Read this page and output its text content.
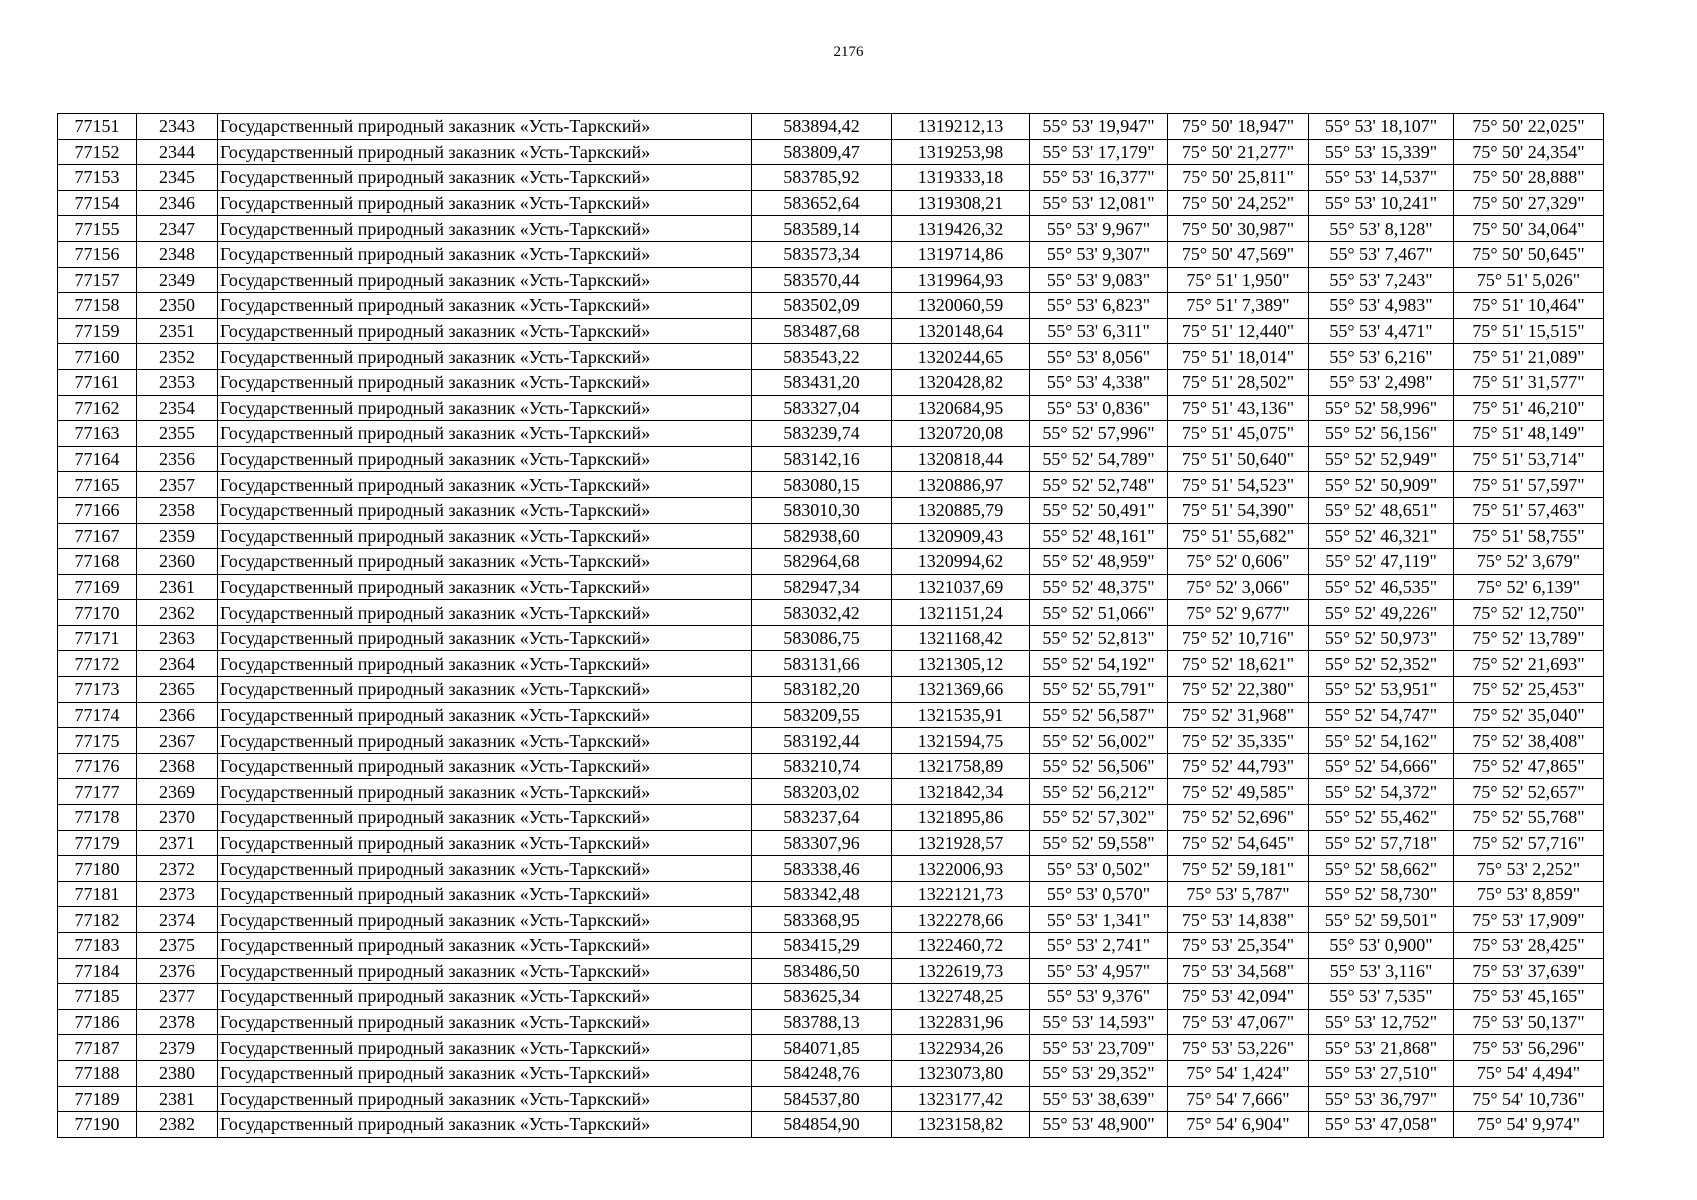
2176
77151	2343	Государственный природный заказник «Усть-Таркский»	583894,42	1319212,13	55° 53' 19,947"	75° 50' 18,947"	55° 53' 18,107"	75° 50' 22,025"
77152	2344	Государственный природный заказник «Усть-Таркский»	583809,47	1319253,98	55° 53' 17,179"	75° 50' 21,277"	55° 53' 15,339"	75° 50' 24,354"
77153	2345	Государственный природный заказник «Усть-Таркский»	583785,92	1319333,18	55° 53' 16,377"	75° 50' 25,811"	55° 53' 14,537"	75° 50' 28,888"
77154	2346	Государственный природный заказник «Усть-Таркский»	583652,64	1319308,21	55° 53' 12,081"	75° 50' 24,252"	55° 53' 10,241"	75° 50' 27,329"
77155	2347	Государственный природный заказник «Усть-Таркский»	583589,14	1319426,32	55° 53' 9,967"	75° 50' 30,987"	55° 53' 8,128"	75° 50' 34,064"
77156	2348	Государственный природный заказник «Усть-Таркский»	583573,34	1319714,86	55° 53' 9,307"	75° 50' 47,569"	55° 53' 7,467"	75° 50' 50,645"
77157	2349	Государственный природный заказник «Усть-Таркский»	583570,44	1319964,93	55° 53' 9,083"	75° 51' 1,950"	55° 53' 7,243"	75° 51' 5,026"
77158	2350	Государственный природный заказник «Усть-Таркский»	583502,09	1320060,59	55° 53' 6,823"	75° 51' 7,389"	55° 53' 4,983"	75° 51' 10,464"
77159	2351	Государственный природный заказник «Усть-Таркский»	583487,68	1320148,64	55° 53' 6,311"	75° 51' 12,440"	55° 53' 4,471"	75° 51' 15,515"
77160	2352	Государственный природный заказник «Усть-Таркский»	583543,22	1320244,65	55° 53' 8,056"	75° 51' 18,014"	55° 53' 6,216"	75° 51' 21,089"
77161	2353	Государственный природный заказник «Усть-Таркский»	583431,20	1320428,82	55° 53' 4,338"	75° 51' 28,502"	55° 53' 2,498"	75° 51' 31,577"
77162	2354	Государственный природный заказник «Усть-Таркский»	583327,04	1320684,95	55° 53' 0,836"	75° 51' 43,136"	55° 52' 58,996"	75° 51' 46,210"
77163	2355	Государственный природный заказник «Усть-Таркский»	583239,74	1320720,08	55° 52' 57,996"	75° 51' 45,075"	55° 52' 56,156"	75° 51' 48,149"
77164	2356	Государственный природный заказник «Усть-Таркский»	583142,16	1320818,44	55° 52' 54,789"	75° 51' 50,640"	55° 52' 52,949"	75° 51' 53,714"
77165	2357	Государственный природный заказник «Усть-Таркский»	583080,15	1320886,97	55° 52' 52,748"	75° 51' 54,523"	55° 52' 50,909"	75° 51' 57,597"
77166	2358	Государственный природный заказник «Усть-Таркский»	583010,30	1320885,79	55° 52' 50,491"	75° 51' 54,390"	55° 52' 48,651"	75° 51' 57,463"
77167	2359	Государственный природный заказник «Усть-Таркский»	582938,60	1320909,43	55° 52' 48,161"	75° 51' 55,682"	55° 52' 46,321"	75° 51' 58,755"
77168	2360	Государственный природный заказник «Усть-Таркский»	582964,68	1320994,62	55° 52' 48,959"	75° 52' 0,606"	55° 52' 47,119"	75° 52' 3,679"
77169	2361	Государственный природный заказник «Усть-Таркский»	582947,34	1321037,69	55° 52' 48,375"	75° 52' 3,066"	55° 52' 46,535"	75° 52' 6,139"
77170	2362	Государственный природный заказник «Усть-Таркский»	583032,42	1321151,24	55° 52' 51,066"	75° 52' 9,677"	55° 52' 49,226"	75° 52' 12,750"
77171	2363	Государственный природный заказник «Усть-Таркский»	583086,75	1321168,42	55° 52' 52,813"	75° 52' 10,716"	55° 52' 50,973"	75° 52' 13,789"
77172	2364	Государственный природный заказник «Усть-Таркский»	583131,66	1321305,12	55° 52' 54,192"	75° 52' 18,621"	55° 52' 52,352"	75° 52' 21,693"
77173	2365	Государственный природный заказник «Усть-Таркский»	583182,20	1321369,66	55° 52' 55,791"	75° 52' 22,380"	55° 52' 53,951"	75° 52' 25,453"
77174	2366	Государственный природный заказник «Усть-Таркский»	583209,55	1321535,91	55° 52' 56,587"	75° 52' 31,968"	55° 52' 54,747"	75° 52' 35,040"
77175	2367	Государственный природный заказник «Усть-Таркский»	583192,44	1321594,75	55° 52' 56,002"	75° 52' 35,335"	55° 52' 54,162"	75° 52' 38,408"
77176	2368	Государственный природный заказник «Усть-Таркский»	583210,74	1321758,89	55° 52' 56,506"	75° 52' 44,793"	55° 52' 54,666"	75° 52' 47,865"
77177	2369	Государственный природный заказник «Усть-Таркский»	583203,02	1321842,34	55° 52' 56,212"	75° 52' 49,585"	55° 52' 54,372"	75° 52' 52,657"
77178	2370	Государственный природный заказник «Усть-Таркский»	583237,64	1321895,86	55° 52' 57,302"	75° 52' 52,696"	55° 52' 55,462"	75° 52' 55,768"
77179	2371	Государственный природный заказник «Усть-Таркский»	583307,96	1321928,57	55° 52' 59,558"	75° 52' 54,645"	55° 52' 57,718"	75° 52' 57,716"
77180	2372	Государственный природный заказник «Усть-Таркский»	583338,46	1322006,93	55° 53' 0,502"	75° 52' 59,181"	55° 52' 58,662"	75° 53' 2,252"
77181	2373	Государственный природный заказник «Усть-Таркский»	583342,48	1322121,73	55° 53' 0,570"	75° 53' 5,787"	55° 52' 58,730"	75° 53' 8,859"
77182	2374	Государственный природный заказник «Усть-Таркский»	583368,95	1322278,66	55° 53' 1,341"	75° 53' 14,838"	55° 52' 59,501"	75° 53' 17,909"
77183	2375	Государственный природный заказник «Усть-Таркский»	583415,29	1322460,72	55° 53' 2,741"	75° 53' 25,354"	55° 53' 0,900"	75° 53' 28,425"
77184	2376	Государственный природный заказник «Усть-Таркский»	583486,50	1322619,73	55° 53' 4,957"	75° 53' 34,568"	55° 53' 3,116"	75° 53' 37,639"
77185	2377	Государственный природный заказник «Усть-Таркский»	583625,34	1322748,25	55° 53' 9,376"	75° 53' 42,094"	55° 53' 7,535"	75° 53' 45,165"
77186	2378	Государственный природный заказник «Усть-Таркский»	583788,13	1322831,96	55° 53' 14,593"	75° 53' 47,067"	55° 53' 12,752"	75° 53' 50,137"
77187	2379	Государственный природный заказник «Усть-Таркский»	584071,85	1322934,26	55° 53' 23,709"	75° 53' 53,226"	55° 53' 21,868"	75° 53' 56,296"
77188	2380	Государственный природный заказник «Усть-Таркский»	584248,76	1323073,80	55° 53' 29,352"	75° 54' 1,424"	55° 53' 27,510"	75° 54' 4,494"
77189	2381	Государственный природный заказник «Усть-Таркский»	584537,80	1323177,42	55° 53' 38,639"	75° 54' 7,666"	55° 53' 36,797"	75° 54' 10,736"
77190	2382	Государственный природный заказник «Усть-Таркский»	584854,90	1323158,82	55° 53' 48,900"	75° 54' 6,904"	55° 53' 47,058"	75° 54' 9,974"
